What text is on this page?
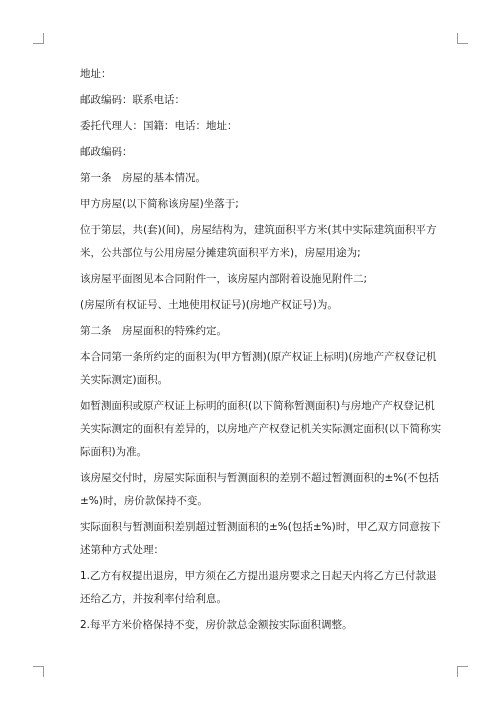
地址：

邮政编码：联系电话：

委托代理人：国籍：电话：地址：

邮政编码：

第一条　房屋的基本情况。

甲方房屋(以下简称该房屋)坐落于;

位于第层，共(套)(间)，房屋结构为，建筑面积平方米(其中实际建筑面积平方米，公共部位与公用房屋分摊建筑面积平方米)，房屋用途为;

该房屋平面图见本合同附件一，该房屋内部附着设施见附件二;

(房屋所有权证号、土地使用权证号)(房地产权证号)为。

第二条　房屋面积的特殊约定。

本合同第一条所约定的面积为(甲方暂测)(原产权证上标明)(房地产产权登记机关实际测定)面积。

如暂测面积或原产权证上标明的面积(以下简称暂测面积)与房地产产权登记机关实际测定的面积有差异的，以房地产产权登记机关实际测定面积(以下简称实际面积)为准。

该房屋交付时，房屋实际面积与暂测面积的差别不超过暂测面积的±%(不包括±%)时，房价款保持不变。

实际面积与暂测面积差别超过暂测面积的±%(包括±%)时，甲乙双方同意按下述第种方式处理：

1.乙方有权提出退房，甲方须在乙方提出退房要求之日起天内将乙方已付款退还给乙方，并按利率付给利息。

2.每平方米价格保持不变，房价款总金额按实际面积调整。
